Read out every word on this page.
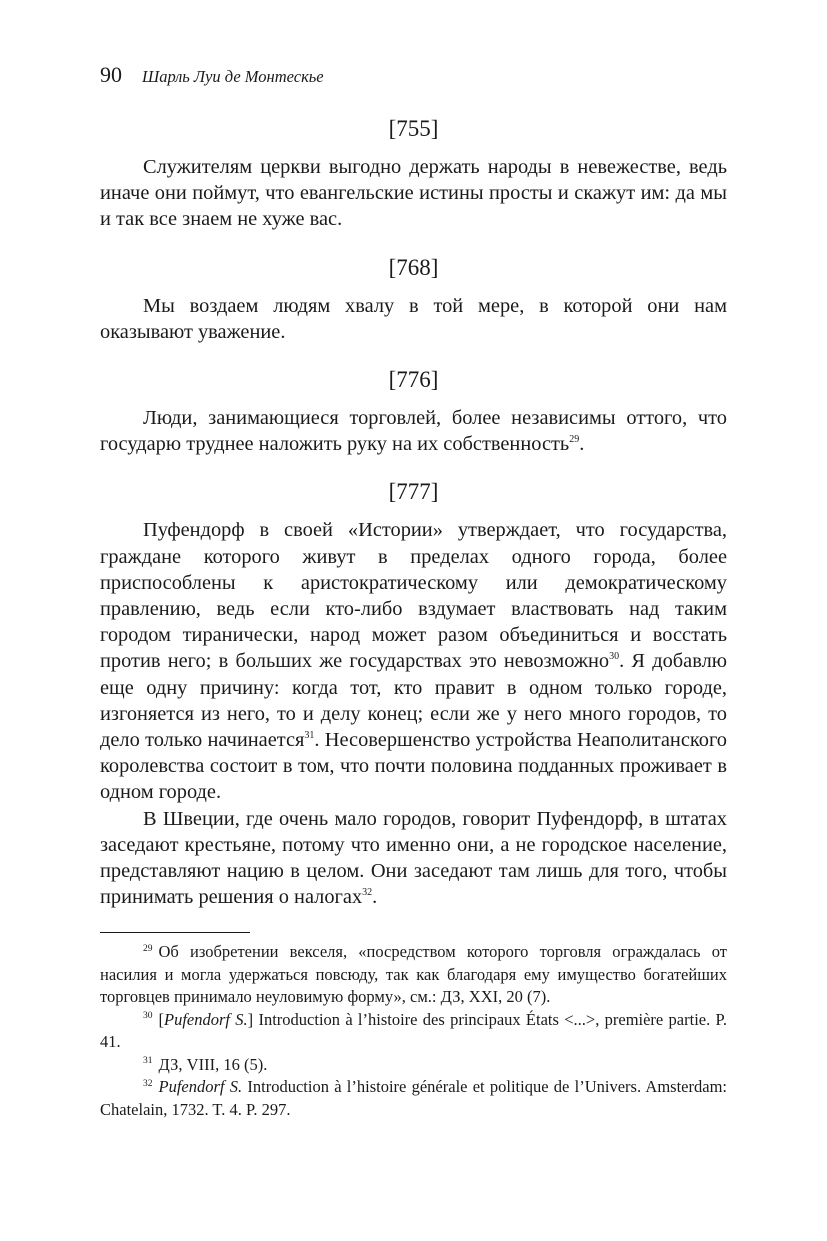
90 Шарль Луи де Монтескье
[755]

Служителям церкви выгодно держать народы в невежестве, ведь иначе они поймут, что евангельские истины просты и скажут им: да мы и так все знаем не хуже вас.

[768]

Мы воздаем людям хвалу в той мере, в которой они нам оказывают уважение.

[776]

Люди, занимающиеся торговлей, более независимы оттого, что государю труднее наложить руку на их собственность$^{29}$.

[777]

Пуфендорф в своей «Истории» утверждает, что государства, граждане которого живут в пределах одного города, более приспособлены к аристократическому или демократическому правлению, ведь если кто-либо вздумает властвовать над таким городом тиранически, народ может разом объединиться и восстать против него; в больших же государствах это невозможно$^{30}$. Я добавлю еще одну причину: когда тот, кто правит в одном только городе, изгоняется из него, то и делу конец; если же у него много городов, то дело только начинается$^{31}$. Несовершенство устройства Неаполитанского королевства состоит в том, что почти половина подданных проживает в одном городе.

В Швеции, где очень мало городов, говорит Пуфендорф, в штатах заседают крестьяне, потому что именно они, а не городское население, представляют нацию в целом. Они заседают там лишь для того, чтобы принимать решения о налогах$^{32}$.

$^{29}$ Об изобретении векселя, «посредством которого торговля ограждалась от насилия и могла удержаться повсюду, так как благодаря ему имущество богатейших торговцев принимало неуловимую форму», см.: ДЗ, XXI, 20 (7).

$^{30}$ [Pufendorf S.] Introduction à l’histoire des principaux États <...>, première partie. P. 41.

$^{31}$ ДЗ, VIII, 16 (5).

$^{32}$ Pufendorf S. Introduction à l’histoire générale et politique de l’Univers. Amsterdam: Chatelain, 1732. T. 4. P. 297.
